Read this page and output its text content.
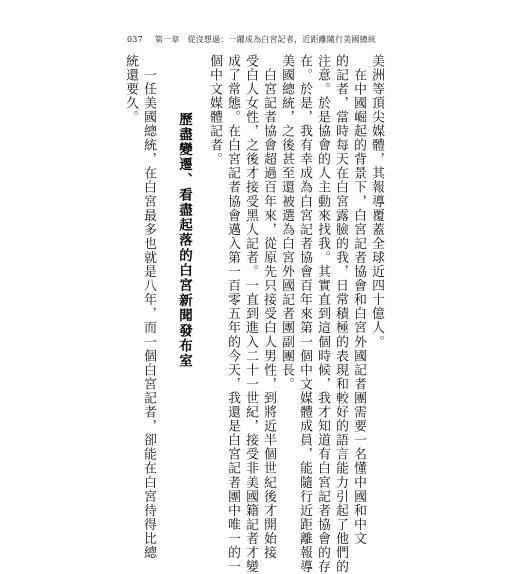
037 第一章 從沒想過：一躍成為白宮記者，近距離隨行美國總統
美洲等頂尖媒體，其報導覆蓋全球近四十億人。
　在中國崛起的背景下，白宮記者協會和白宮外國記者團需要一名懂中國和中文
的記者，當時每天在白宮露臉的我，日常積極的表現和較好的語言能力引起了他們的
注意。於是協會的人主動來找我。其實直到這個時候，我才知道有白宮記者協會的存
在。於是，我有幸成為白宮記者協會百年來第一個中文媒體成員，能隨行近距離報導
美國總統，之後甚至還被選為白宮外國記者團副團長。
　白宮記者協會超過百年來，從原先只接受白人男性，到將近半個世紀後才開始接
受白人女性，之後才接受黑人記者。一直到進入二十一世紀，接受非美國籍記者才變
成了常態。在白宮記者協會邁入第一百零五年的今天，我還是白宮記者團中唯一的一
個中文媒體記者。
歷盡變遷、看盡起落的白宮新聞發布室
　一任美國總統，在白宮最多也就是八年，而一個白宮記者，卻能在白宮待得比總
統還要久。
